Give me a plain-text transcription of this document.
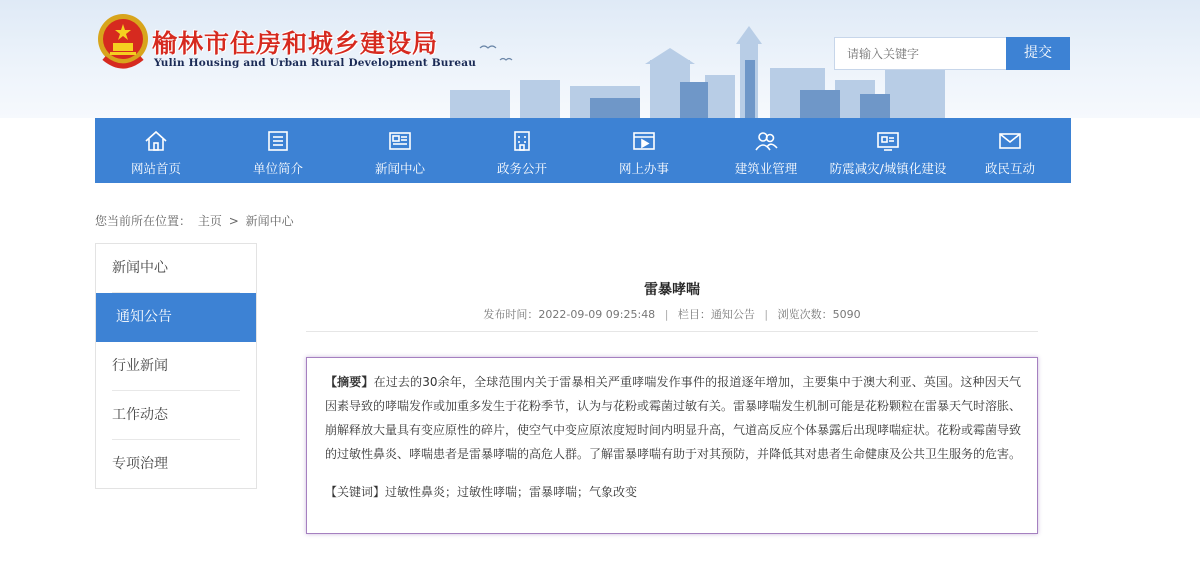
榆林市住房和城乡建设局
Yulin Housing and Urban Rural Development Bureau
请输入关键字
提交
网站首页	单位简介	新闻中心	政务公开	网上办事	建筑业管理	防震减灾/城镇化建设	政民互动
您当前所在位置： 主页 > 新闻中心
新闻中心
通知公告
行业新闻
工作动态
专项治理
雷暴哮喘
发布时间：2022-09-09 09:25:48 | 栏目：通知公告 | 浏览次数：5090

【摘要】在过去的30余年，全球范围内关于雷暴相关严重哮喘发作事件的报道逐年增加，主要集中于澳大利亚、英国。这种因天气因素导致的哮喘发作或加重多发生于花粉季节，认为与花粉或霉菌过敏有关。雷暴哮喘发生机制可能是花粉颗粒在雷暴天气时溶胀、崩解释放大量具有变应原性的碎片，使空气中变应原浓度短时间内明显升高，气道高反应个体暴露后出现哮喘症状。花粉或霉菌导致的过敏性鼻炎、哮喘患者是雷暴哮喘的高危人群。了解雷暴哮喘有助于对其预防，并降低其对患者生命健康及公共卫生服务的危害。

【关键词】过敏性鼻炎；过敏性哮喘；雷暴哮喘；气象改变
